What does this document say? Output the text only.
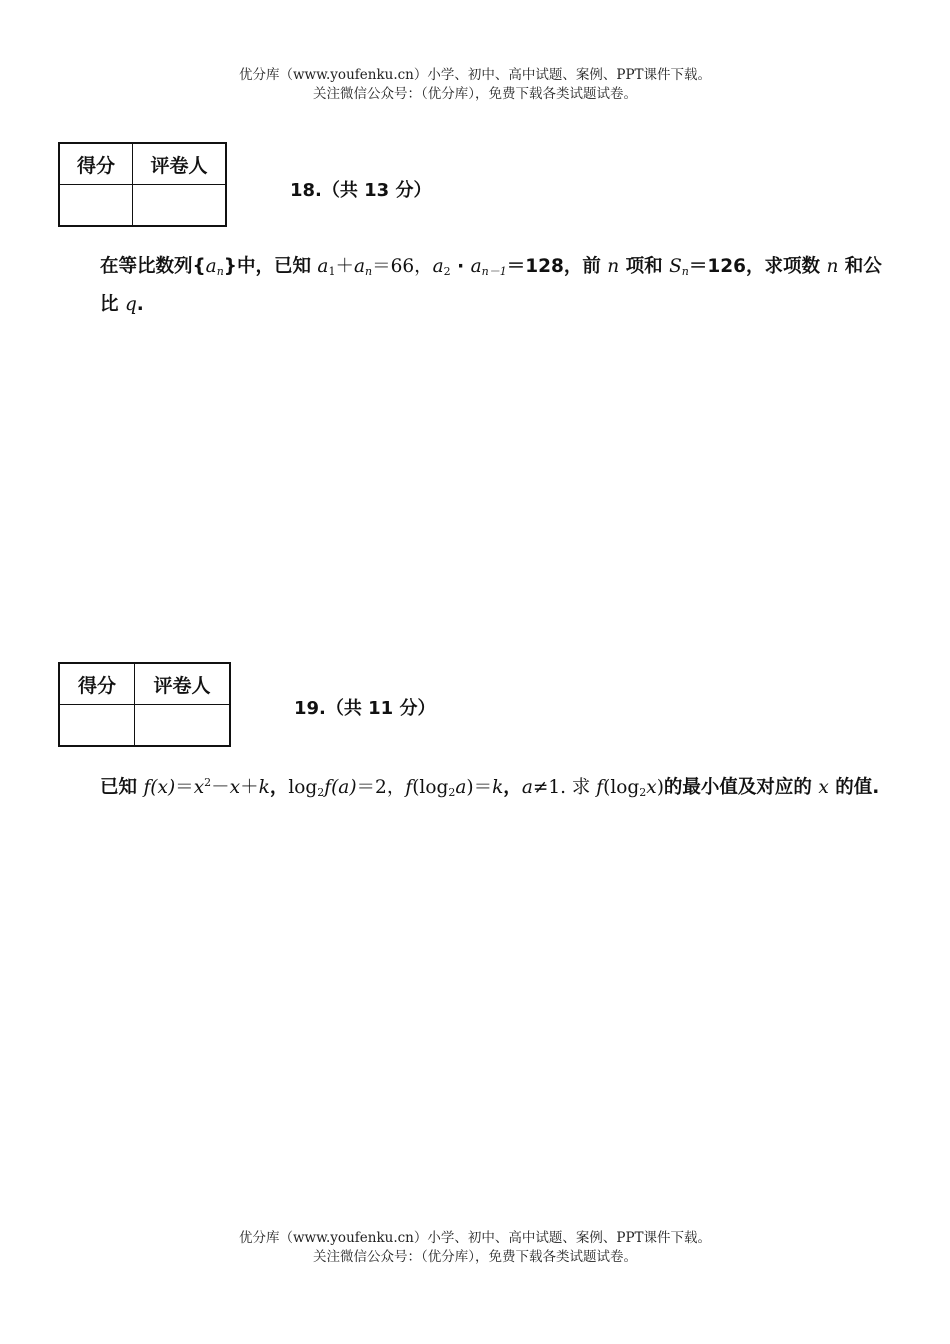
优分库（www.youfenku.cn）小学、初中、高中试题、案例、PPT课件下载。
关注微信公众号：（优分库），免费下载各类试题试卷。
得分	评卷人

18.（共 13 分）
在等比数列$\{a_n\}$中，已知 $a_1+a_n=66$，$a_2 \cdot a_{n-1}=128$，前 n 项和 $S_n=126$，求项数 n 和公比 q.
得分	评卷人

19.（共 11 分）
已知 $f(x)=x^2-x+k$，$\log_2f(a)=2$，$f(\log_2a)=k$，a≠1. 求 $f(\log_2x)$的最小值及对应的 x 的值.
优分库（www.youfenku.cn）小学、初中、高中试题、案例、PPT课件下载。
关注微信公众号：（优分库），免费下载各类试题试卷。
